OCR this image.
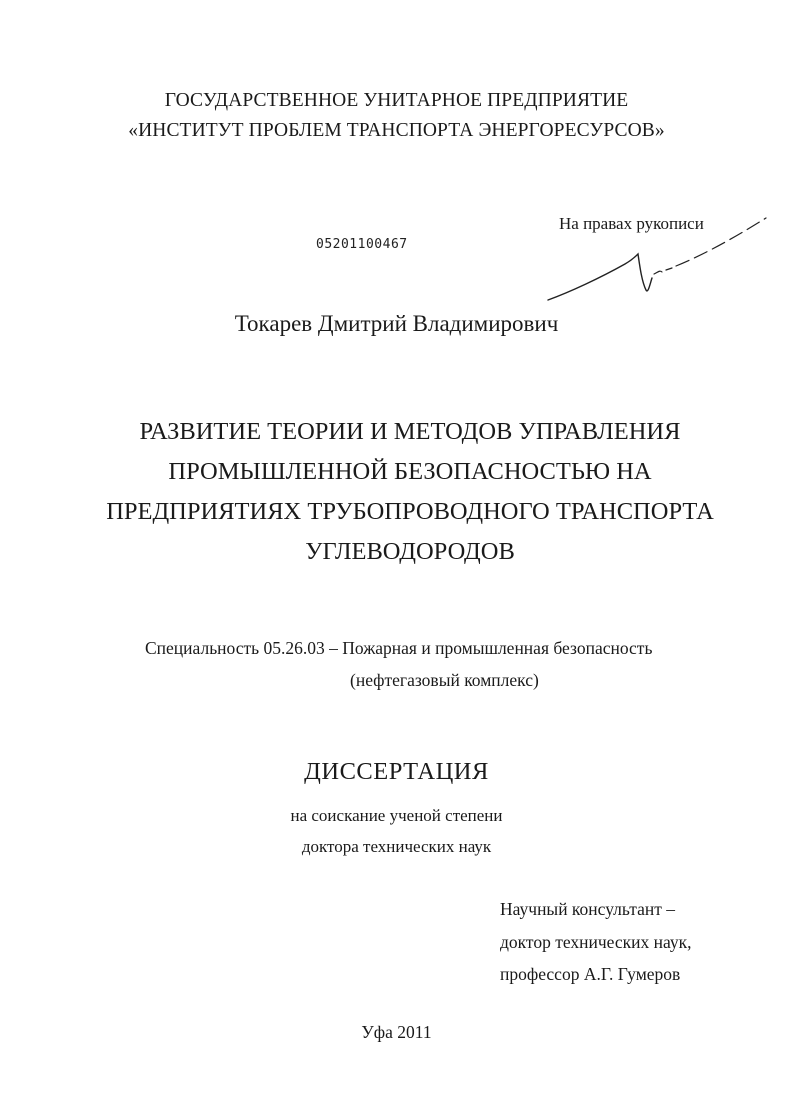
ГОСУДАРСТВЕННОЕ УНИТАРНОЕ ПРЕДПРИЯТИЕ
«ИНСТИТУТ ПРОБЛЕМ ТРАНСПОРТА ЭНЕРГОРЕСУРСОВ»
На правах рукописи
05201100467
Токарев Дмитрий Владимирович
РАЗВИТИЕ ТЕОРИИ И МЕТОДОВ УПРАВЛЕНИЯ
ПРОМЫШЛЕННОЙ БЕЗОПАСНОСТЬЮ НА
ПРЕДПРИЯТИЯХ ТРУБОПРОВОДНОГО ТРАНСПОРТА
УГЛЕВОДОРОДОВ
Специальность 05.26.03 – Пожарная и промышленная безопасность
(нефтегазовый комплекс)
ДИССЕРТАЦИЯ
на соискание ученой степени
доктора технических наук
Научный консультант –
доктор технических наук,
профессор А.Г. Гумеров
Уфа 2011
